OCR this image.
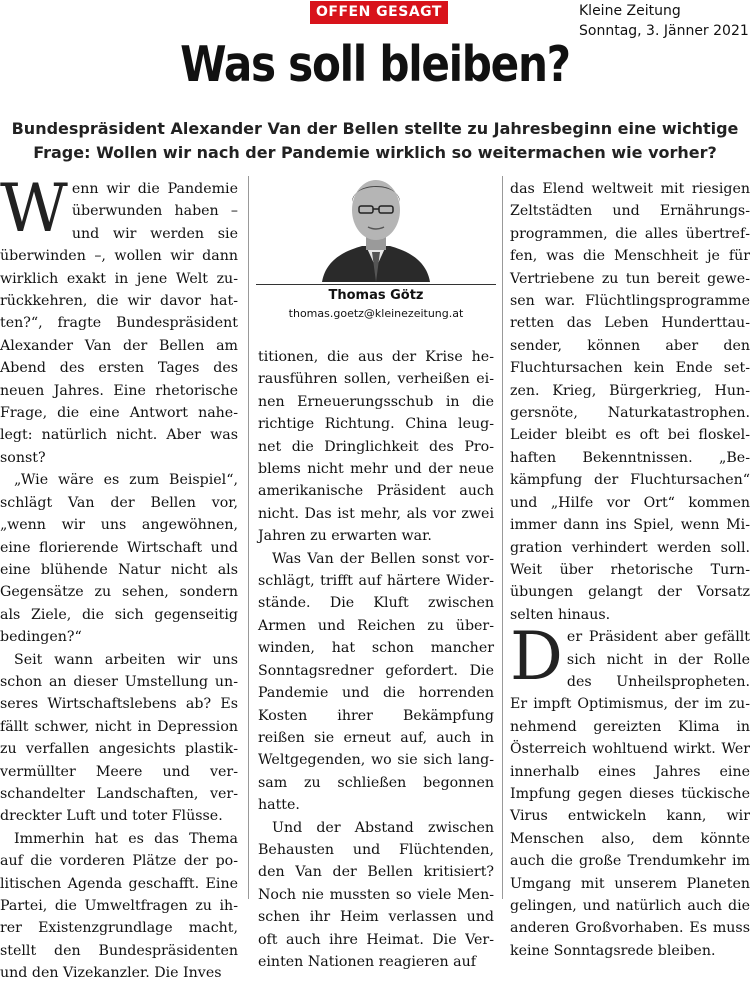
OFFEN GESAGT	Kleine Zeitung
Sonntag, 3. Jänner 2021
Was soll bleiben?
Bundespräsident Alexander Van der Bellen stellte zu Jahresbeginn eine wichtige
Frage: Wollen wir nach der Pandemie wirklich so weitermachen wie vorher?

Wenn wir die Pandemie überwunden haben – und wir werden sie überwinden –, wollen wir dann wirklich exakt in jene Welt zurückkehren, die wir davor hatten?“, fragte Bundespräsident Alexander Van der Bellen am Abend des ersten Tages des neuen Jahres. Eine rhetorische Frage, die eine Antwort nahelegt: natürlich nicht. Aber was sonst?

„Wie wäre es zum Beispiel“, schlägt Van der Bellen vor, „wenn wir uns angewöhnen, eine florierende Wirtschaft und eine blühende Natur nicht als Gegensätze zu sehen, sondern als Ziele, die sich gegenseitig bedingen?“

Seit wann arbeiten wir uns schon an dieser Umstellung unseres Wirtschaftslebens ab? Es fällt schwer, nicht in Depression zu verfallen angesichts plastikvermüllter Meere und verschandelter Landschaften, verdreckter Luft und toter Flüsse.

Immerhin hat es das Thema auf die vorderen Plätze der politischen Agenda geschafft. Eine Partei, die Umweltfragen zu ihrer Existenzgrundlage macht, stellt den Bundespräsidenten und den Vizekanzler. Die Inves

Thomas Götz
thomas.goetz@kleinezeitung.at

titionen, die aus der Krise herausführen sollen, verheißen einen Erneuerungsschub in die richtige Richtung. China leugnet die Dringlichkeit des Problems nicht mehr und der neue amerikanische Präsident auch nicht. Das ist mehr, als vor zwei Jahren zu erwarten war.

Was Van der Bellen sonst vorschlägt, trifft auf härtere Widerstände. Die Kluft zwischen Armen und Reichen zu überwinden, hat schon mancher Sonntagsredner gefordert. Die Pandemie und die horrenden Kosten ihrer Bekämpfung reißen sie erneut auf, auch in Weltgegenden, wo sie sich langsam zu schließen begonnen hatte.

Und der Abstand zwischen Behausten und Flüchtenden, den Van der Bellen kritisiert? Noch nie mussten so viele Menschen ihr Heim verlassen und oft auch ihre Heimat. Die Vereinten Nationen reagieren auf

das Elend weltweit mit riesigen Zeltstädten und Ernährungsprogrammen, die alles übertreffen, was die Menschheit je für Vertriebene zu tun bereit gewesen war. Flüchtlingsprogramme retten das Leben Hunderttausender, können aber den Fluchtursachen kein Ende setzen. Krieg, Bürgerkrieg, Hungersnöte, Naturkatastrophen. Leider bleibt es oft bei floskelhaften Bekenntnissen. „Bekämpfung der Fluchtursachen“ und „Hilfe vor Ort“ kommen immer dann ins Spiel, wenn Migration verhindert werden soll. Weit über rhetorische Turnübungen gelangt der Vorsatz selten hinaus.

Der Präsident aber gefällt sich nicht in der Rolle des Unheilspropheten. Er impft Optimismus, der im zunehmend gereizten Klima in Österreich wohltuend wirkt. Wer innerhalb eines Jahres eine Impfung gegen dieses tückische Virus entwickeln kann, wir Menschen also, dem könnte auch die große Trendumkehr im Umgang mit unserem Planeten gelingen, und natürlich auch die anderen Großvorhaben. Es muss keine Sonntagsrede bleiben.
